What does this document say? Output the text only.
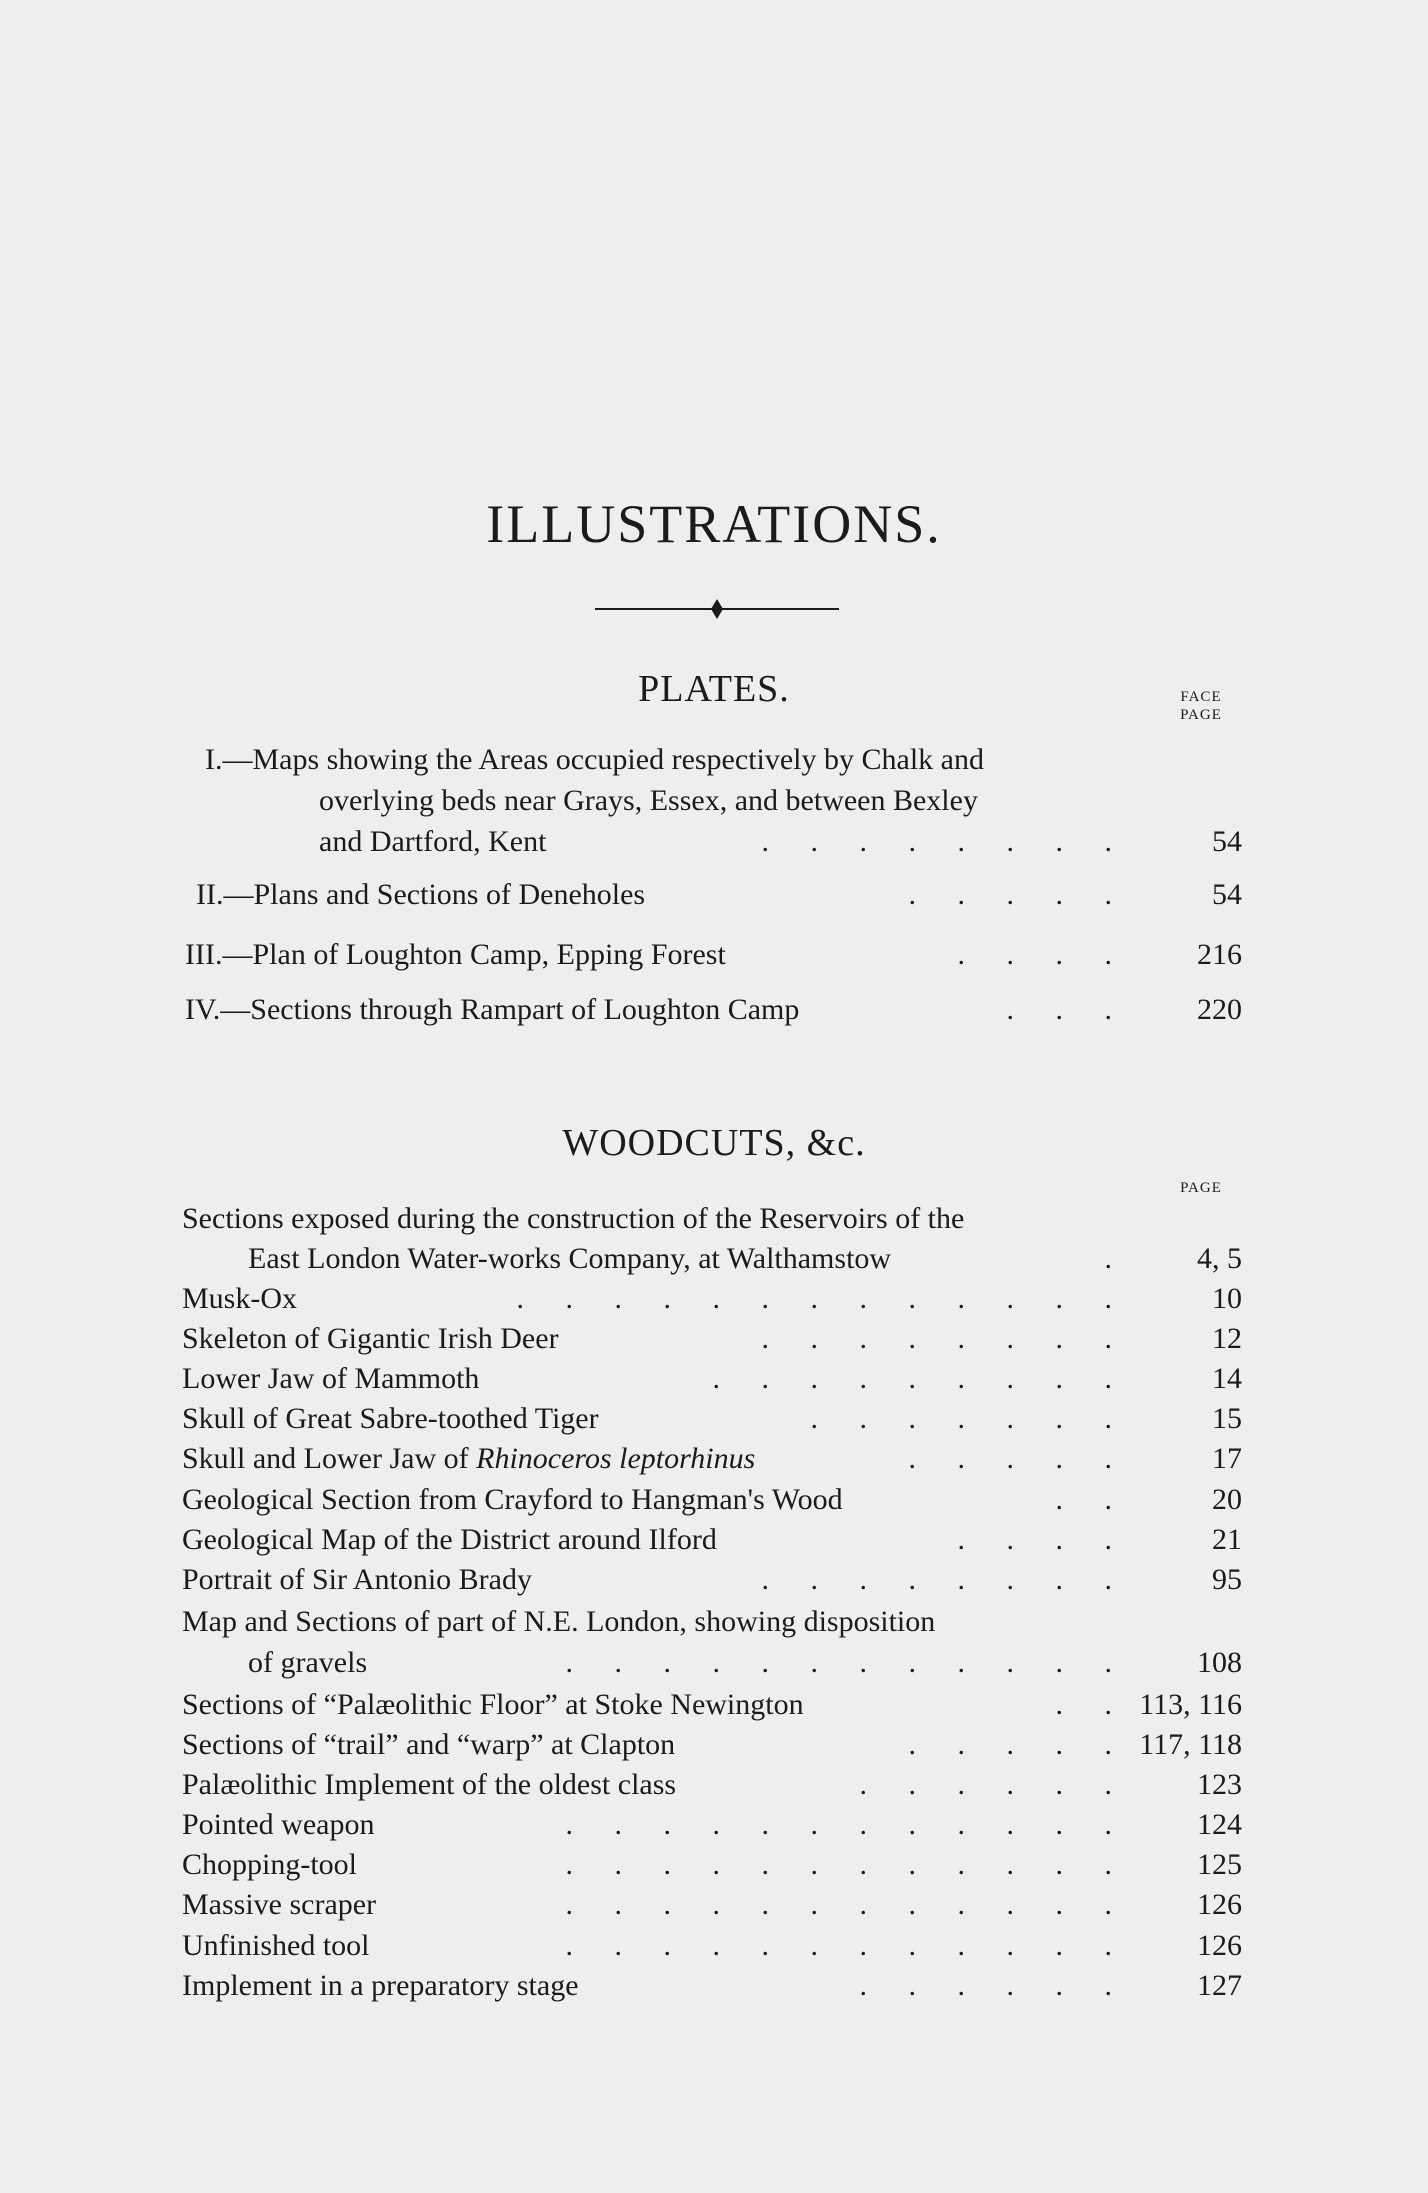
ILLUSTRATIONS.
PLATES.	FACE
PAGE
I.—Maps showing the Areas occupied respectively by Chalk and
overlying beds near Grays, Essex, and between Bexley
and Dartford, Kent	. . . . . . . .	54
II.—Plans and Sections of Deneholes	. . . . .	54
III.—Plan of Loughton Camp, Epping Forest	. . . .	216
IV.—Sections through Rampart of Loughton Camp	. . .	220
WOODCUTS, &c.
PAGE
Sections exposed during the construction of the Reservoirs of the
East London Water-works Company, at Walthamstow	.	4, 5
Musk-Ox	. . . . . . . . . . . . .	10
Skeleton of Gigantic Irish Deer	. . . . . . . .	12
Lower Jaw of Mammoth	. . . . . . . . .	14
Skull of Great Sabre-toothed Tiger	. . . . . . .	15
Skull and Lower Jaw of Rhinoceros leptorhinus	. . . . .	17
Geological Section from Crayford to Hangman's Wood	. .	20
Geological Map of the District around Ilford	. . . .	21
Portrait of Sir Antonio Brady	. . . . . . . .	95
Map and Sections of part of N.E. London, showing disposition
of gravels	. . . . . . . . . . . .	108
Sections of “Palæolithic Floor” at Stoke Newington	. . 113, 116
Sections of “trail” and “warp” at Clapton	. . . . . 117, 118
Palæolithic Implement of the oldest class	. . . . . .	123
Pointed weapon	. . . . . . . . . . . .	124
Chopping-tool	. . . . . . . . . . . .	125
Massive scraper	. . . . . . . . . . . .	126
Unfinished tool	. . . . . . . . . . . .	126
Implement in a preparatory stage	. . . . . .	127
